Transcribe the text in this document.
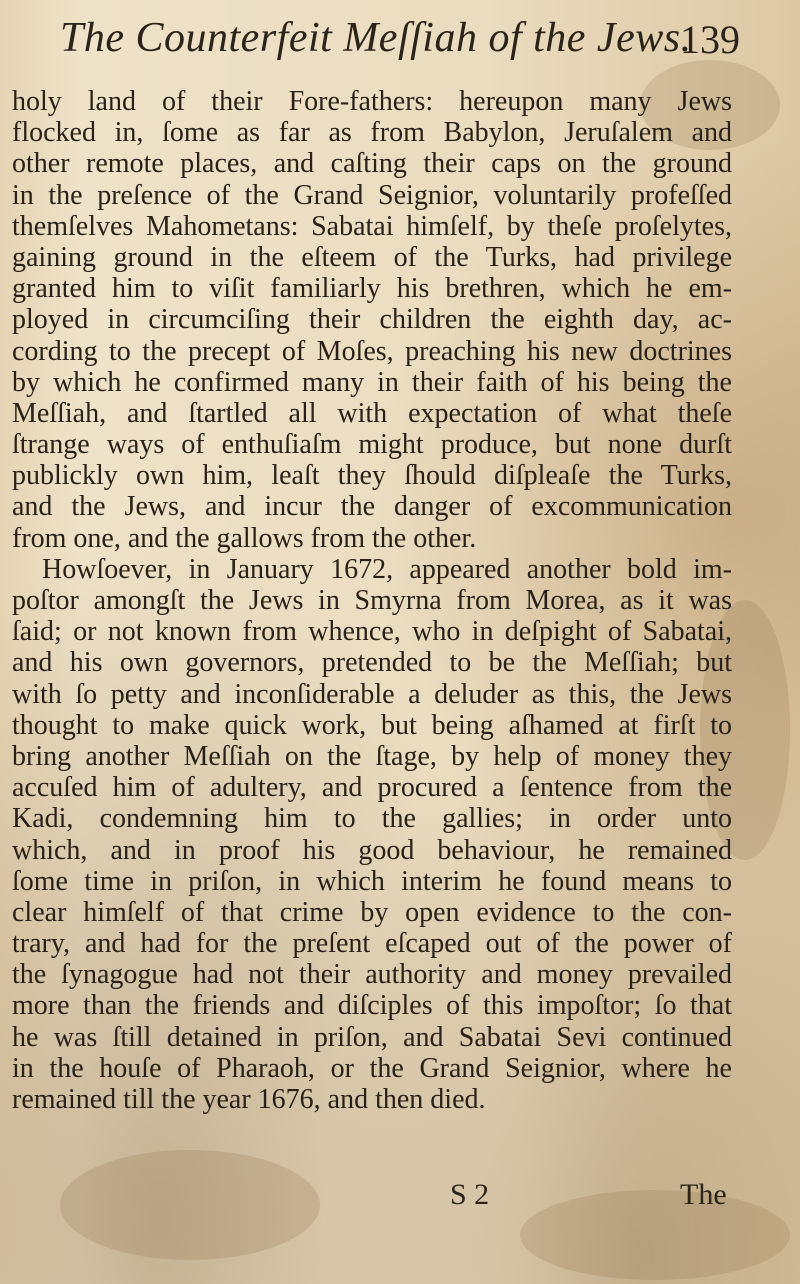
The Counterfeit Meſſiah of the Jews.
139
holy land of their Fore-fathers: hereupon many Jews
flocked in, ſome as far as from Babylon, Jeruſalem and
other remote places, and caſting their caps on the ground
in the preſence of the Grand Seignior, voluntarily profeſſed
themſelves Mahometans: Sabatai himſelf, by theſe proſelytes,
gaining ground in the eſteem of the Turks, had privilege
granted him to viſit familiarly his brethren, which he em-
ployed in circumciſing their children the eighth day, ac-
cording to the precept of Moſes, preaching his new doctrines
by which he confirmed many in their faith of his being the
Meſſiah, and ſtartled all with expectation of what theſe
ſtrange ways of enthuſiaſm might produce, but none durſt
publickly own him, leaſt they ſhould diſpleaſe the Turks,
and the Jews, and incur the danger of excommunication
from one, and the gallows from the other.
Howſoever, in January 1672, appeared another bold im-
poſtor amongſt the Jews in Smyrna from Morea, as it was
ſaid; or not known from whence, who in deſpight of Sabatai,
and his own governors, pretended to be the Meſſiah; but
with ſo petty and inconſiderable a deluder as this, the Jews
thought to make quick work, but being aſhamed at firſt to
bring another Meſſiah on the ſtage, by help of money they
accuſed him of adultery, and procured a ſentence from the
Kadi, condemning him to the gallies; in order unto
which, and in proof his good behaviour, he remained
ſome time in priſon, in which interim he found means to
clear himſelf of that crime by open evidence to the con-
trary, and had for the preſent eſcaped out of the power of
the ſynagogue had not their authority and money prevailed
more than the friends and diſciples of this impoſtor; ſo that
he was ſtill detained in priſon, and Sabatai Sevi continued
in the houſe of Pharaoh, or the Grand Seignior, where he
remained till the year 1676, and then died.
S 2	The
